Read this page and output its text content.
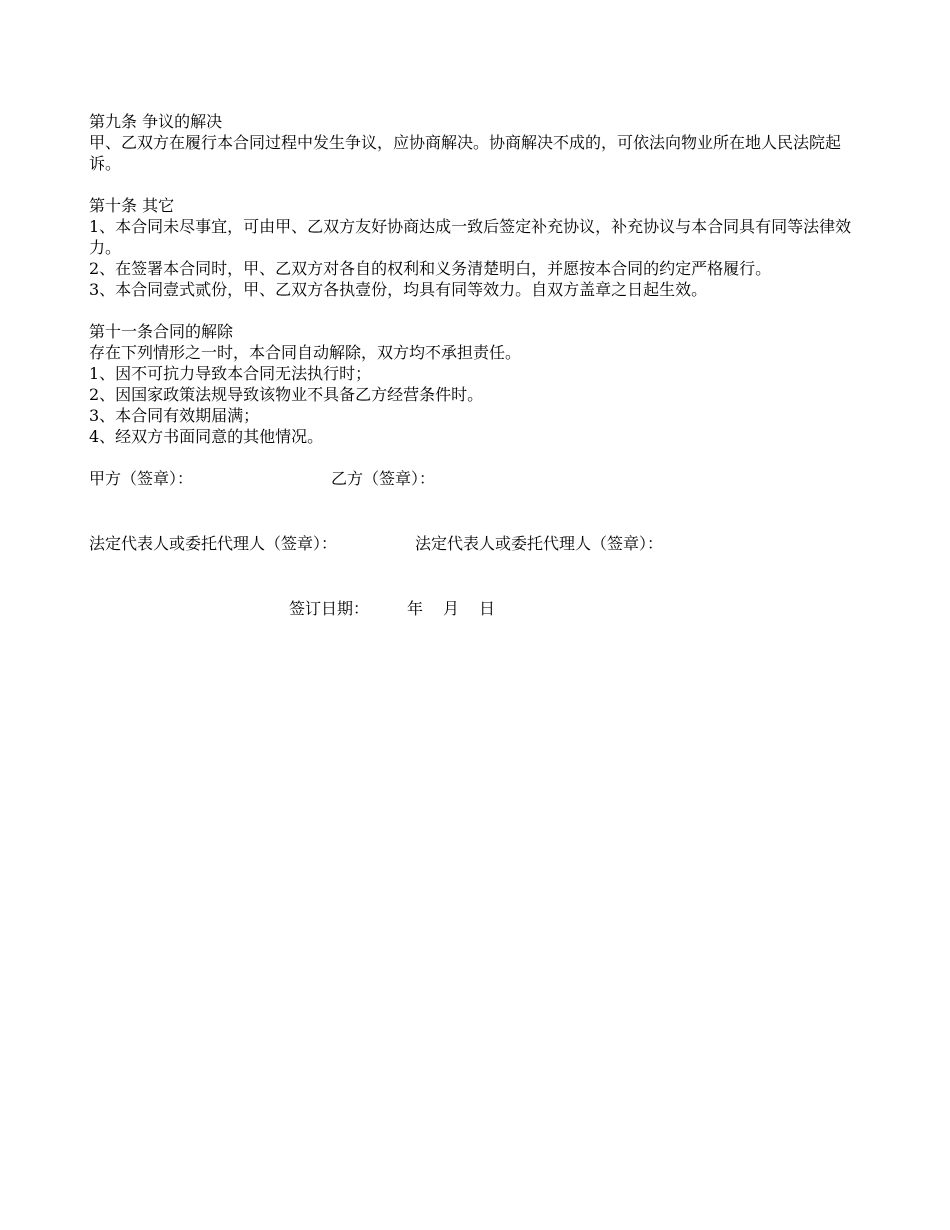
第九条 争议的解决
甲、乙双方在履行本合同过程中发生争议，应协商解决。协商解决不成的，可依法向物业所在地人民法院起诉。
第十条 其它
1、本合同未尽事宜，可由甲、乙双方友好协商达成一致后签定补充协议，补充协议与本合同具有同等法律效力。
2、在签署本合同时，甲、乙双方对各自的权利和义务清楚明白，并愿按本合同的约定严格履行。
3、本合同壹式贰份，甲、乙双方各执壹份，均具有同等效力。自双方盖章之日起生效。
第十一条合同的解除
存在下列情形之一时，本合同自动解除，双方均不承担责任。
1、因不可抗力导致本合同无法执行时；
2、因国家政策法规导致该物业不具备乙方经营条件时。
3、本合同有效期届满；
4、经双方书面同意的其他情况。
甲方（签章）：	乙方（签章）：
法定代表人或委托代理人（签章）：	法定代表人或委托代理人（签章）：
签订日期： 年 月 日
